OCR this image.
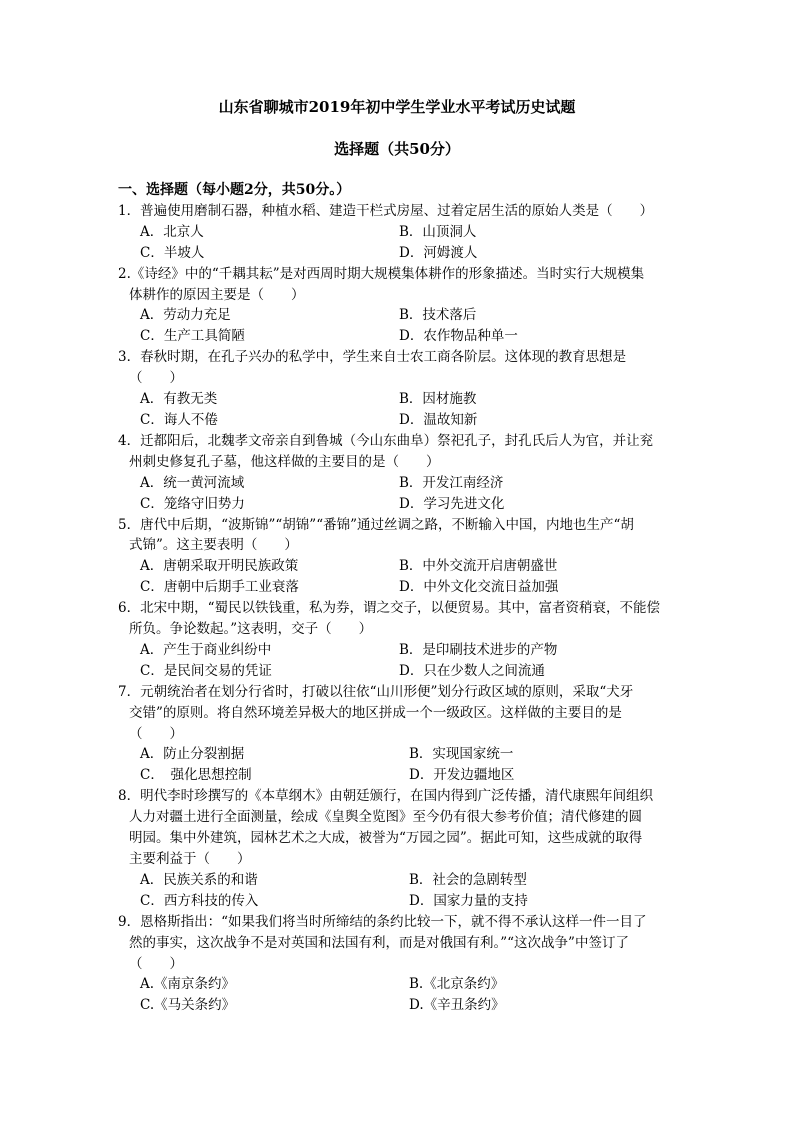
山东省聊城市2019年初中学生学业水平考试历史试题
选择题（共50分）
一、选择题（每小题2分，共50分。）
1．普遍使用磨制石器，种植水稻、建造干栏式房屋、过着定居生活的原始人类是（　　）
A．北京人	B．山顶洞人
C．半坡人	D．河姆渡人
2.《诗经》中的“千耦其耘”是对西周时期大规模集体耕作的形象描述。当时实行大规模集
体耕作的原因主要是（　　）
A．劳动力充足	B．技术落后
C．生产工具简陋	D．农作物品种单一
3．春秋时期，在孔子兴办的私学中，学生来自士农工商各阶层。这体现的教育思想是
（　　）
A．有教无类	B．因材施教
C．诲人不倦	D．温故知新
4．迁都阳后，北魏孝文帝亲自到鲁城（今山东曲阜）祭祀孔子，封孔氏后人为官，并让兖
州刺史修复孔子墓，他这样做的主要目的是（　　）
A．统一黄河流域	B．开发江南经济
C．笼络守旧势力	D．学习先进文化
5．唐代中后期，“波斯锦”“胡锦”“番锦”通过丝调之路，不断输入中国，内地也生产“胡
式锦”。这主要表明（　　）
A．唐朝采取开明民族政策	B．中外交流开启唐朝盛世
C．唐朝中后期手工业衰落	D．中外文化交流日益加强
6．北宋中期，“蜀民以铁钱重，私为券，谓之交子，以便贸易。其中，富者资稍衰，不能偿
所负。争论数起。”这表明，交子（　　）
A．产生于商业纠纷中	B．是印刷技术进步的产物
C．是民间交易的凭证	D．只在少数人之间流通
7．元朝统治者在划分行省时，打破以往依“山川形便”划分行政区域的原则，采取“犬牙
交错”的原则。将自然环境差异极大的地区拼成一个一级政区。这样做的主要目的是
（　　）
A．防止分裂割据	B．实现国家统一
C．　强化思想控制	D．开发边疆地区
8．明代李时珍撰写的《本草纲木》由朝廷颁行，在国内得到广泛传播，清代康熙年间组织
人力对疆土进行全面测量，绘成《皇舆全览图》至今仍有很大参考价值；清代修建的圆
明园。集中外建筑，园林艺术之大成，被誉为“万园之园”。据此可知，这些成就的取得
主要利益于（　　）
A．民族关系的和谐	B．社会的急剧转型
C．西方科技的传入	D．国家力量的支持
9．恩格斯指出：“如果我们将当时所缔结的条约比较一下，就不得不承认这样一件一目了
然的事实，这次战争不是对英国和法国有利，而是对俄国有利。”“这次战争”中签订了
（　　）
A.《南京条约》	B.《北京条约》
C.《马关条约》	D.《辛丑条约》
